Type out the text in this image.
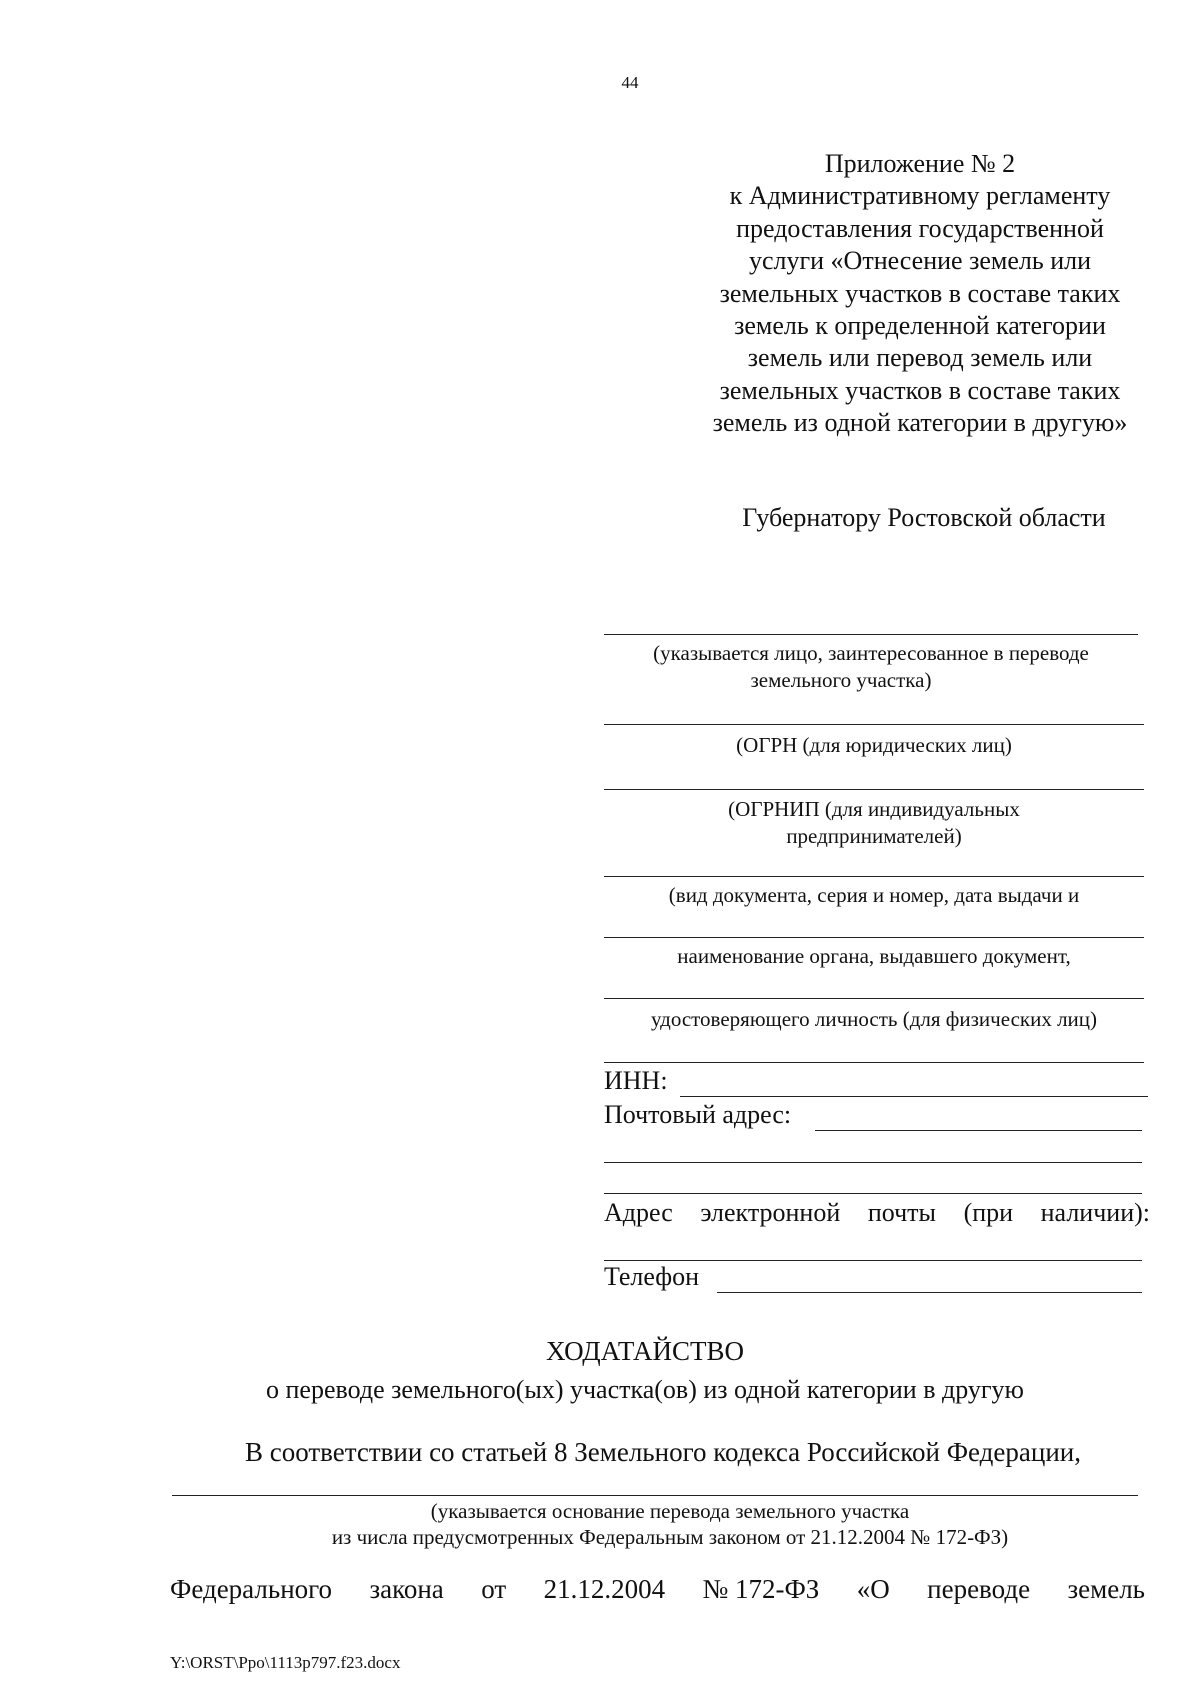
44
Приложение № 2
к Административному регламенту
предоставления государственной
услуги «Отнесение земель или
земельных участков в составе таких
земель к определенной категории
земель или перевод земель или
земельных участков в составе таких
земель из одной категории в другую»
Губернатору Ростовской области
(указывается лицо, заинтересованное в переводе
земельного участка)
(ОГРН (для юридических лиц)
(ОГРНИП (для индивидуальных
предпринимателей)
(вид документа, серия и номер, дата выдачи и
наименование органа, выдавшего документ,
удостоверяющего личность (для физических лиц)
ИНН:
Почтовый адрес:
Адрес электронной почты (при наличии):
Телефон
ХОДАТАЙСТВО
о переводе земельного(ых) участка(ов) из одной категории в другую
В соответствии со статьей 8 Земельного кодекса Российской Федерации,
(указывается основание перевода земельного участка
из числа предусмотренных Федеральным законом от 21.12.2004 № 172-ФЗ)
Федерального закона от 21.12.2004 № 172-ФЗ «О переводе земель
Y:\ORST\Ppo\1113p797.f23.docx
